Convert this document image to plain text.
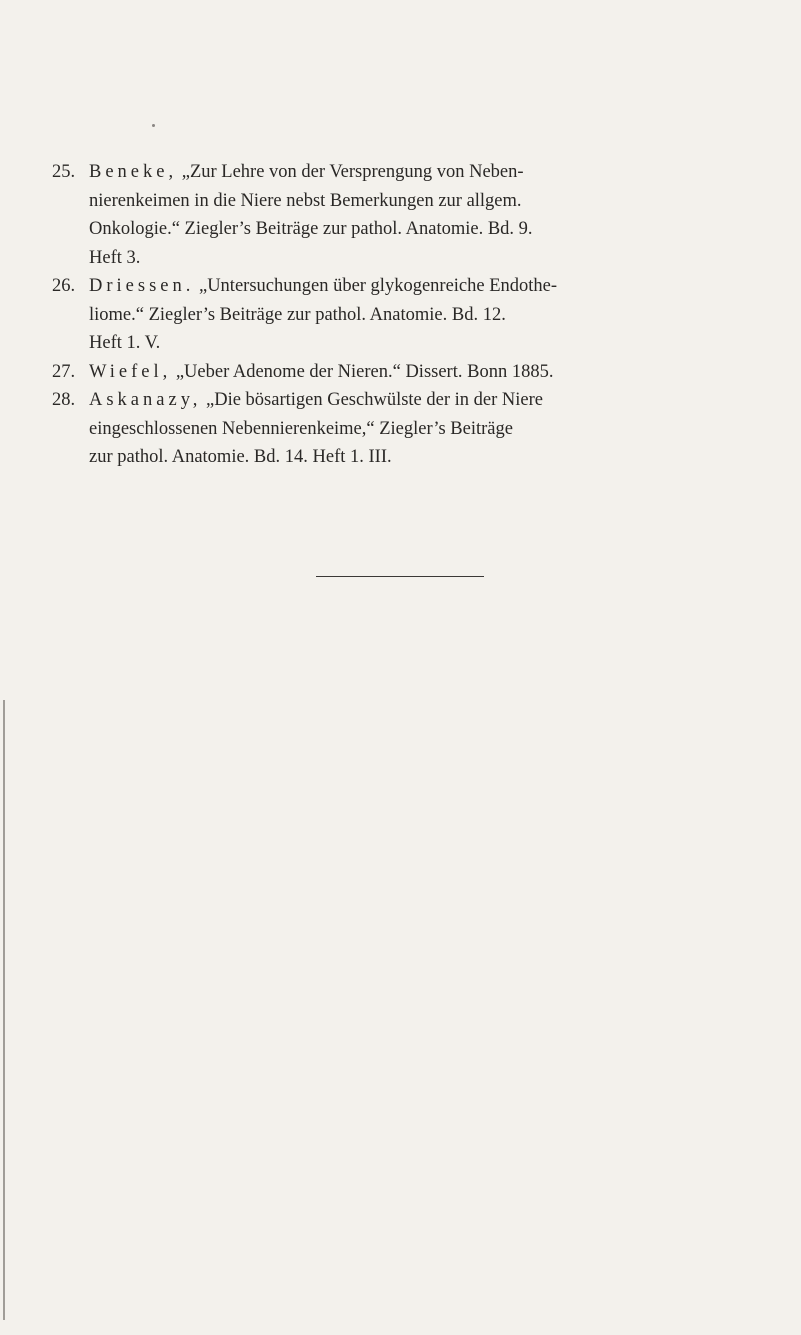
25. Beneke, „Zur Lehre von der Versprengung von Neben-
nierenkeimen in die Niere nebst Bemerkungen zur allgem.
Onkologie.“ Ziegler’s Beiträge zur pathol. Anatomie. Bd. 9.
Heft 3.
26. Driessen. „Untersuchungen über glykogenreiche Endothe-
liome.“ Ziegler’s Beiträge zur pathol. Anatomie. Bd. 12.
Heft 1. V.
27. Wiefel, „Ueber Adenome der Nieren.“ Dissert. Bonn 1885.
28. Askanazy, „Die bösartigen Geschwülste der in der Niere
eingeschlossenen Nebennierenkeime,“ Ziegler’s Beiträge
zur pathol. Anatomie. Bd. 14. Heft 1. III.
